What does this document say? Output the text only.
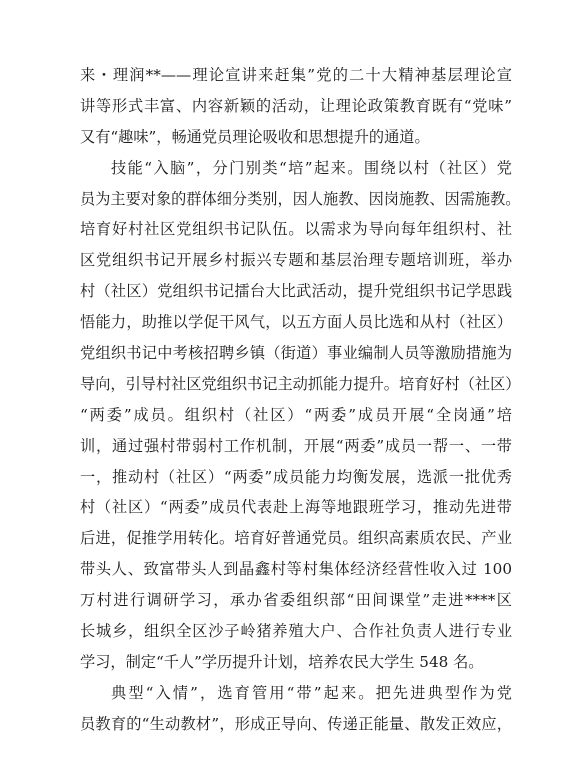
来・理润**——理论宣讲来赶集”党的二十大精神基层理论宣
讲等形式丰富、内容新颖的活动，让理论政策教育既有“党味”
又有“趣味”，畅通党员理论吸收和思想提升的通道。
技能“入脑”，分门别类“培”起来。围绕以村（社区）党
员为主要对象的群体细分类别，因人施教、因岗施教、因需施教。
培育好村社区党组织书记队伍。以需求为导向每年组织村、社
区党组织书记开展乡村振兴专题和基层治理专题培训班，举办
村（社区）党组织书记擂台大比武活动，提升党组织书记学思践
悟能力，助推以学促干风气，以五方面人员比选和从村（社区）
党组织书记中考核招聘乡镇（街道）事业编制人员等激励措施为
导向，引导村社区党组织书记主动抓能力提升。培育好村（社区）
“两委”成员。组织村（社区）“两委”成员开展“全岗通”培
训，通过强村带弱村工作机制，开展“两委”成员一帮一、一带
一，推动村（社区）“两委”成员能力均衡发展，选派一批优秀
村（社区）“两委”成员代表赴上海等地跟班学习，推动先进带
后进，促推学用转化。培育好普通党员。组织高素质农民、产业
带头人、致富带头人到晶鑫村等村集体经济经营性收入过 100
万村进行调研学习，承办省委组织部“田间课堂”走进****区
长城乡，组织全区沙子岭猪养殖大户、合作社负责人进行专业
学习，制定“千人”学历提升计划，培养农民大学生 548 名。
典型“入情”，选育管用“带”起来。把先进典型作为党
员教育的“生动教材”，形成正导向、传递正能量、散发正效应，
